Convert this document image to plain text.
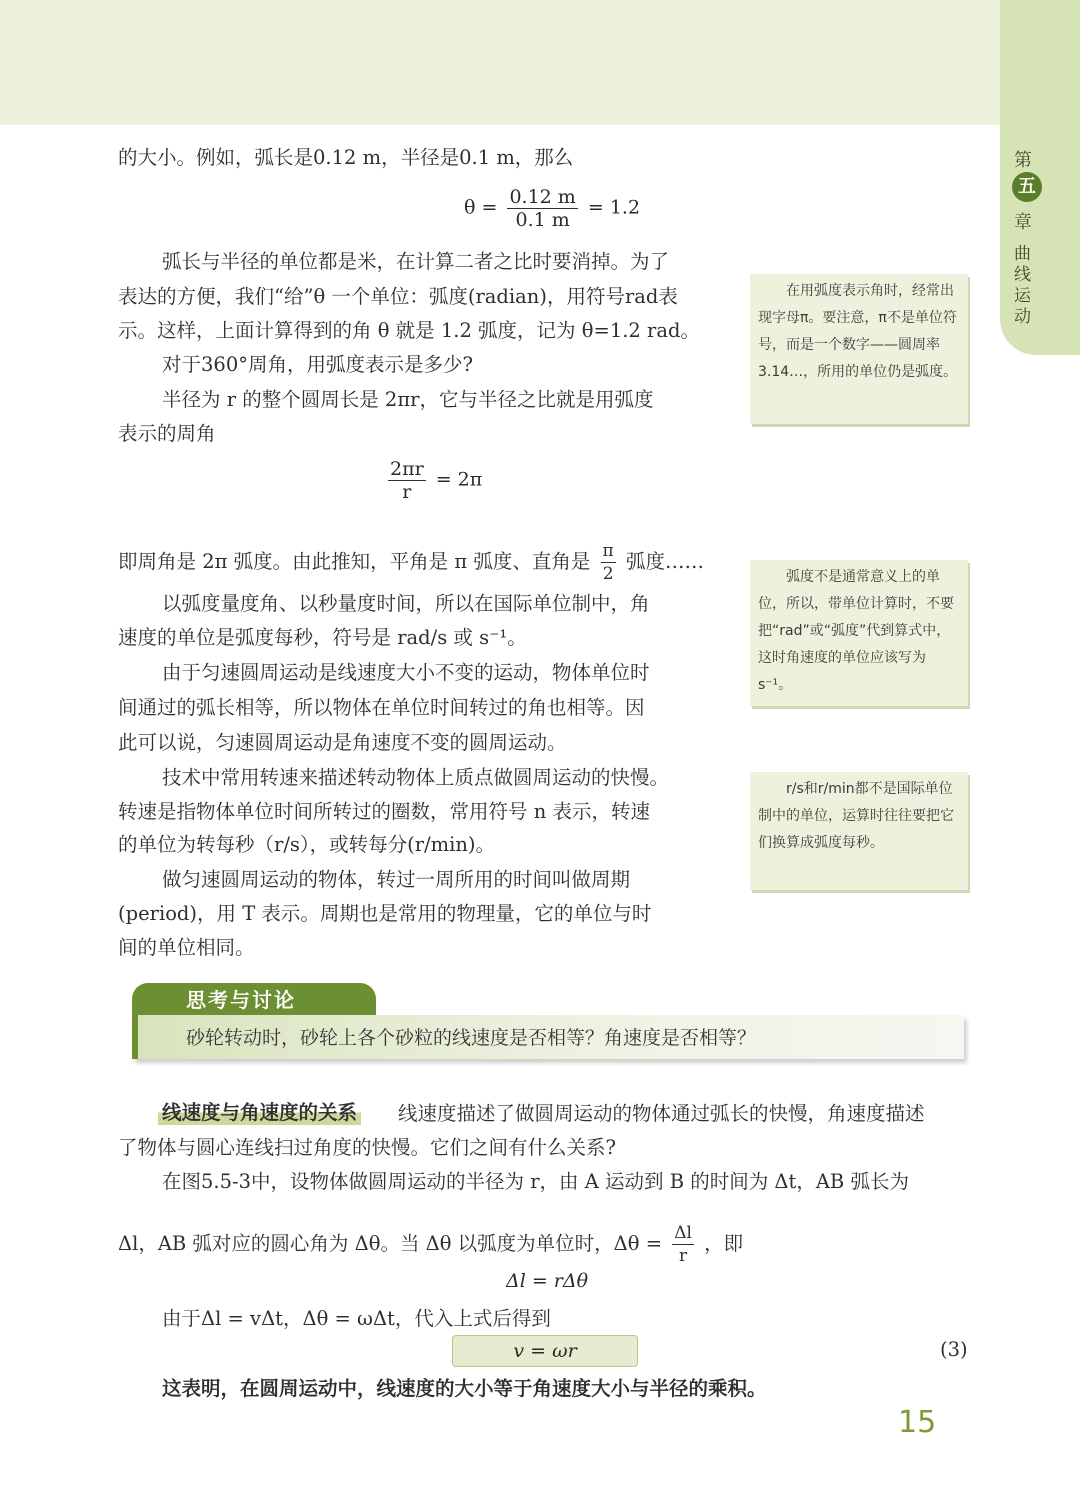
第
五
章
曲线运动
的大小。例如，弧长是0.12 m，半径是0.1 m，那么
$\theta = \frac{0.12 m}{0.1 m} = 1.2$
弧长与半径的单位都是米，在计算二者之比时要消掉。为了
表达的方便，我们“给”θ 一个单位：弧度(radian)，用符号rad表
示。这样，上面计算得到的角 θ 就是 1.2 弧度，记为 θ=1.2 rad。
对于360°周角，用弧度表示是多少?
半径为 r 的整个圆周长是 2πr，它与半径之比就是用弧度
表示的周角
$\frac{2\pi r}{r} = 2\pi$
即周角是 2π 弧度。由此推知，平角是 π 弧度、直角是 $\frac{\pi}{2}$ 弧度……
以弧度量度角、以秒量度时间，所以在国际单位制中，角
速度的单位是弧度每秒，符号是 rad/s 或 s⁻¹。
由于匀速圆周运动是线速度大小不变的运动，物体单位时
间通过的弧长相等，所以物体在单位时间转过的角也相等。因
此可以说，匀速圆周运动是角速度不变的圆周运动。
技术中常用转速来描述转动物体上质点做圆周运动的快慢。
转速是指物体单位时间所转过的圈数，常用符号 n 表示，转速
的单位为转每秒（r/s），或转每分(r/min)。
做匀速圆周运动的物体，转过一周所用的时间叫做周期
(period)，用 T 表示。周期也是常用的物理量，它的单位与时
间的单位相同。

在用弧度表示角时，经常出现字母π。要注意，π不是单位符号，而是一个数字——圆周率3.14…，所用的单位仍是弧度。

弧度不是通常意义上的单位，所以，带单位计算时，不要把“rad”或“弧度”代到算式中，这时角速度的单位应该写为 s⁻¹。

r/s和r/min都不是国际单位制中的单位，运算时往往要把它们换算成弧度每秒。

思考与讨论
砂轮转动时，砂轮上各个砂粒的线速度是否相等？角速度是否相等？
线速度与角速度的关系 线速度描述了做圆周运动的物体通过弧长的快慢，角速度描述
了物体与圆心连线扫过角度的快慢。它们之间有什么关系?
在图5.5-3中，设物体做圆周运动的半径为 r，由 A 运动到 B 的时间为 Δt，AB 弧长为
Δl，AB 弧对应的圆心角为 Δθ。当 Δθ 以弧度为单位时，$\Delta\theta = \frac{\Delta l}{r}$ ，即
Δl = rΔθ
由于Δl = vΔt，Δθ = ωΔt，代入上式后得到
v = ωr	(3)
这表明，在圆周运动中，线速度的大小等于角速度大小与半径的乘积。
15
